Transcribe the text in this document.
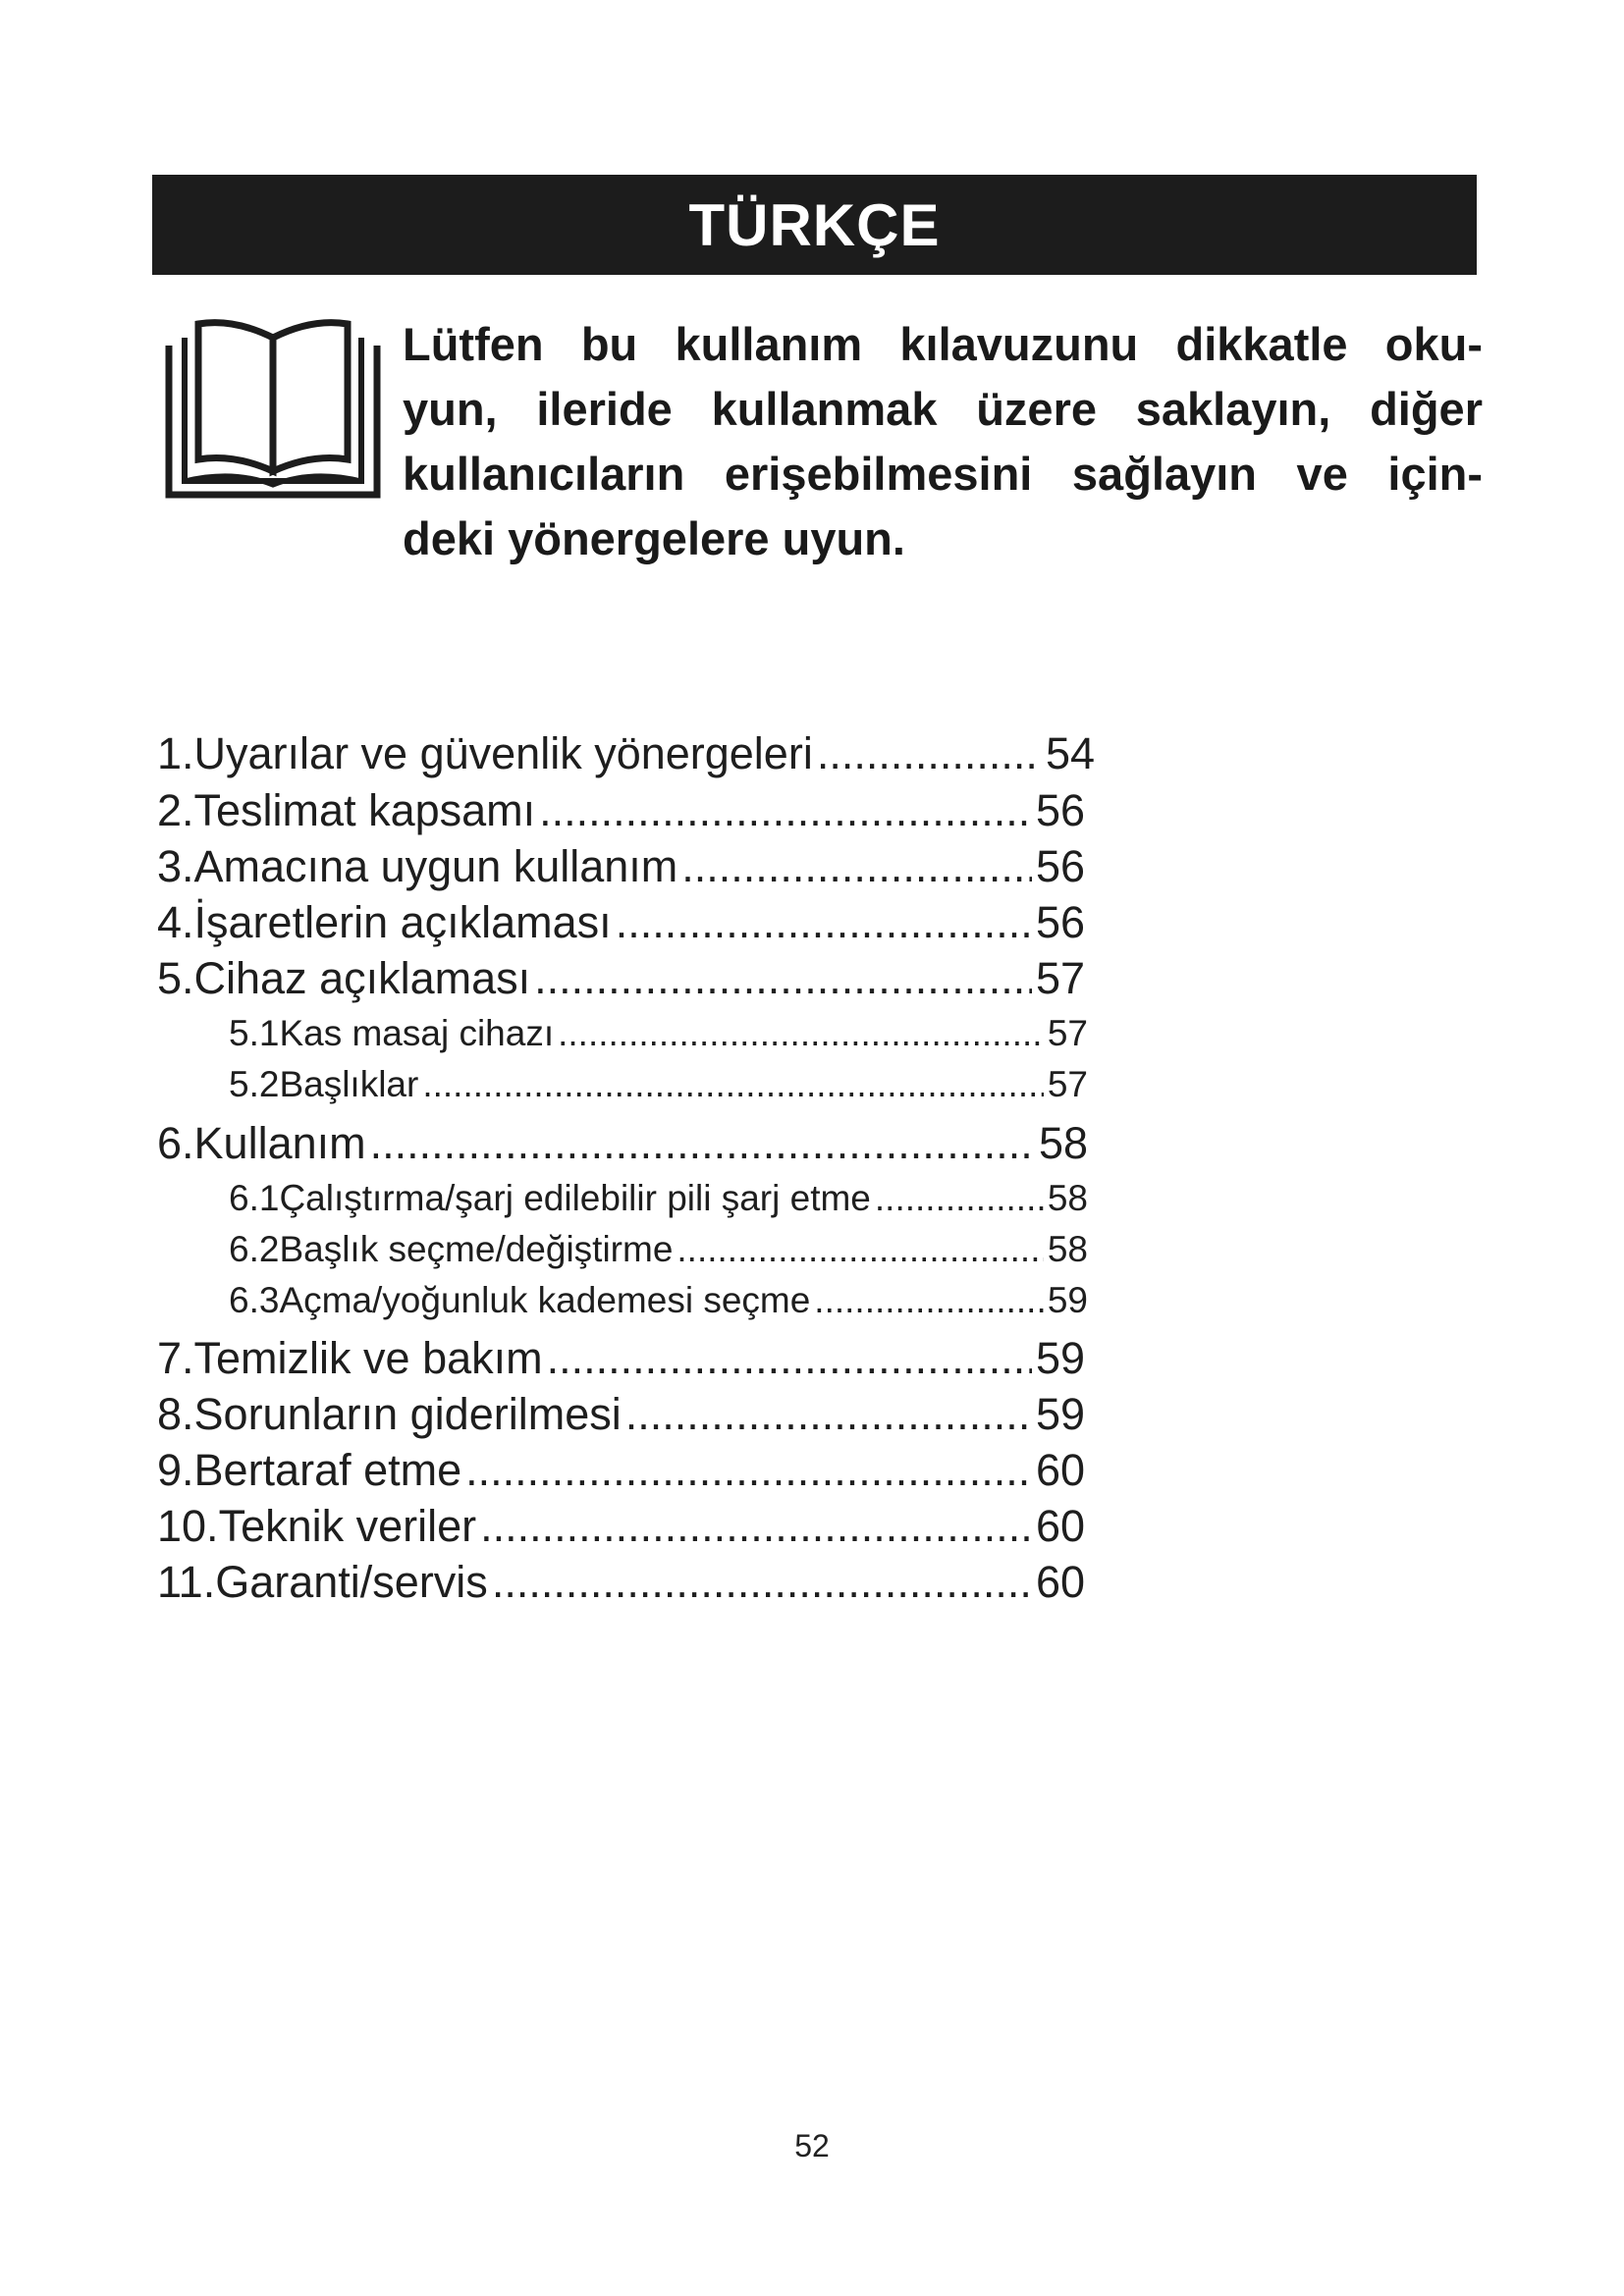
TÜRKÇE

Lütfen bu kullanım kılavuzunu dikkatle oku-
yun, ileride kullanmak üzere saklayın, diğer
kullanıcıların erişebilmesini sağlayın ve için-
deki yönergelere uyun.

1. Uyarılar ve güvenlik yönergeleri .....	54
2. Teslimat kapsamı .....	56
3. Amacına uygun kullanım .....	56
4. İşaretlerin açıklaması .....	56
5. Cihaz açıklaması .....	57
5.1 Kas masaj cihazı .....	57
5.2 Başlıklar .....	57
6. Kullanım .....	58
6.1 Çalıştırma/şarj edilebilir pili şarj etme .....	58
6.2 Başlık seçme/değiştirme .....	58
6.3 Açma/yoğunluk kademesi seçme .....	59
7. Temizlik ve bakım .....	59
8. Sorunların giderilmesi .....	59
9. Bertaraf etme .....	60
10. Teknik veriler .....	60
11. Garanti/servis .....	60
52
